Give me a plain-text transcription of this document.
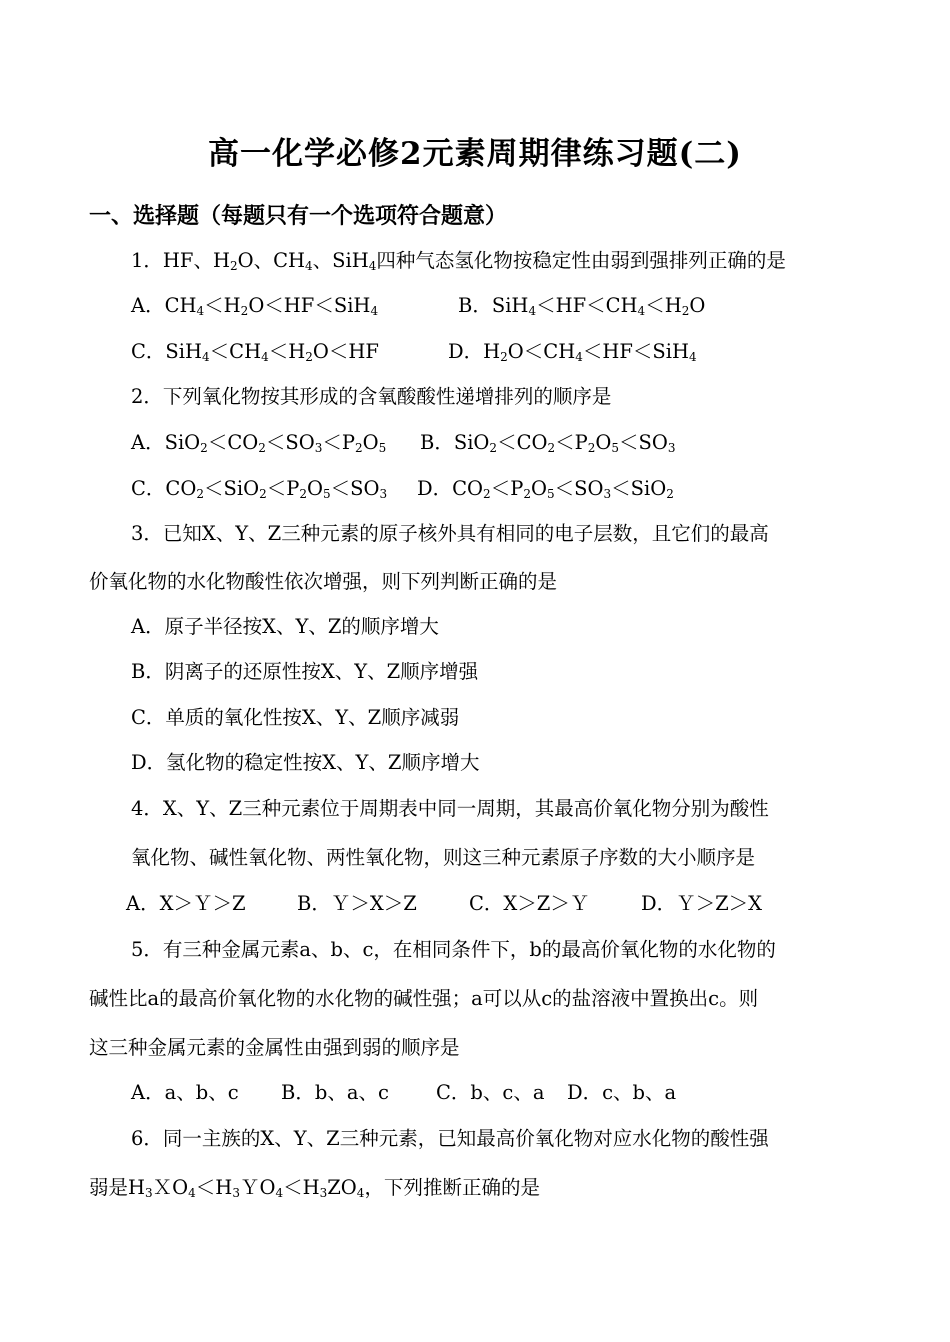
高一化学必修2元素周期律练习题(二)
一、选择题（每题只有一个选项符合题意）
1．HF、$H_2O$、$CH_4$、SiH$_4$四种气态氢化物按稳定性由弱到强排列正确的是
A．$CH_4<H_2O<HF<SiH_4$	B．$SiH_4<HF<CH_4<H_2O$
C．$SiH_4<CH_4<H_2O<HF$	D．$H_2O<CH_4<HF<SiH_4$
2．下列氧化物按其形成的含氧酸酸性递增排列的顺序是
A．$SiO_2<CO_2<SO_3<P_2O_5$ B．$SiO_2<CO_2<P_2O_5<SO_3$
C．$CO_2<SiO_2<P_2O_5<SO_3$ D．$CO_2<P_2O_5<SO_3<SiO_2$
3．已知X、Y、Z三种元素的原子核外具有相同的电子层数，且它们的最高
价氧化物的水化物酸性依次增强，则下列判断正确的是
A．原子半径按X、Y、Z的顺序增大
B．阴离子的还原性按X、Y、Z顺序增强
C．单质的氧化性按X、Y、Z顺序减弱
D．氢化物的稳定性按X、Y、Z顺序增大
4．X、Y、Z三种元素位于周期表中同一周期，其最高价氧化物分别为酸性
氧化物、碱性氧化物、两性氧化物，则这三种元素原子序数的大小顺序是
A．X＞Ｙ＞Z	B．Ｙ＞X＞Z	C．X＞Z＞Ｙ	D．Ｙ＞Z＞X
5．有三种金属元素a、b、c，在相同条件下，b的最高价氧化物的水化物的
碱性比a的最高价氧化物的水化物的碱性强；a可以从c的盐溶液中置换出c。则
这三种金属元素的金属性由强到弱的顺序是
A．a、b、c B．b、a、c C．b、c、a D．c、b、a
6．同一主族的X、Y、Z三种元素，已知最高价氧化物对应水化物的酸性强
弱是$H_3XO_4<H_3YO_4<H_3ZO_4$，下列推断正确的是
